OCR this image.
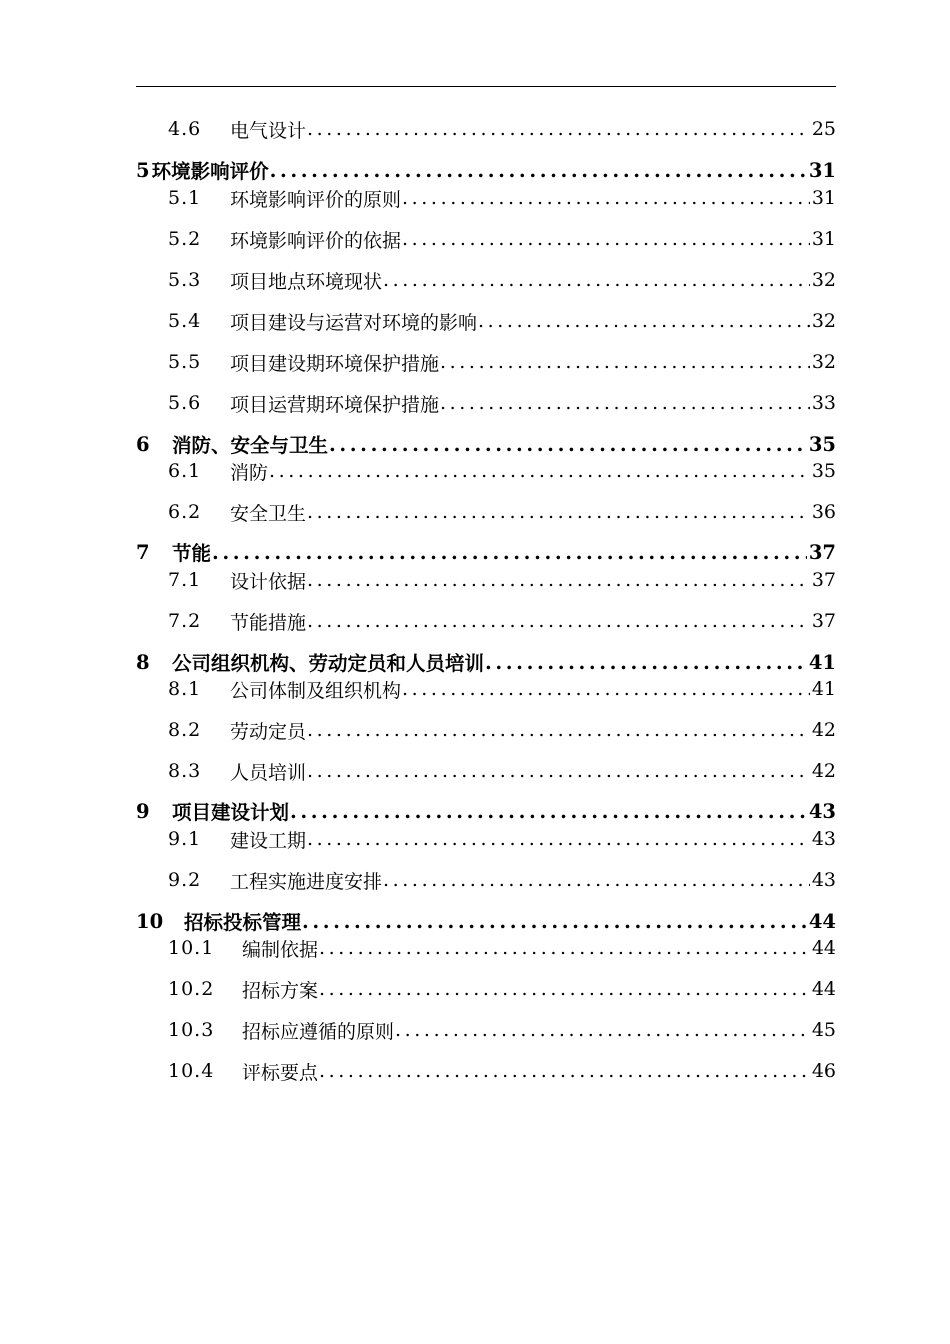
4.6	电气设计 .....	25
5 环境影响评价 .....	31
5.1	环境影响评价的原则 .....	31
5.2	环境影响评价的依据 .....	31
5.3	项目地点环境现状 .....	32
5.4	项目建设与运营对环境的影响 .....	32
5.5	项目建设期环境保护措施 .....	32
5.6	项目运营期环境保护措施 .....	33
6	消防、安全与卫生 .....	35
6.1	消防 .....	35
6.2	安全卫生 .....	36
7	节能 .....	37
7.1	设计依据 .....	37
7.2	节能措施 .....	37
8	公司组织机构、劳动定员和人员培训 .....	41
8.1	公司体制及组织机构 .....	41
8.2	劳动定员 .....	42
8.3	人员培训 .....	42
9	项目建设计划 .....	43
9.1	建设工期 .....	43
9.2	工程实施进度安排 .....	43
10	招标投标管理 .....	44
10.1	编制依据 .....	44
10.2	招标方案 .....	44
10.3	招标应遵循的原则 .....	45
10.4	评标要点 .....	46
